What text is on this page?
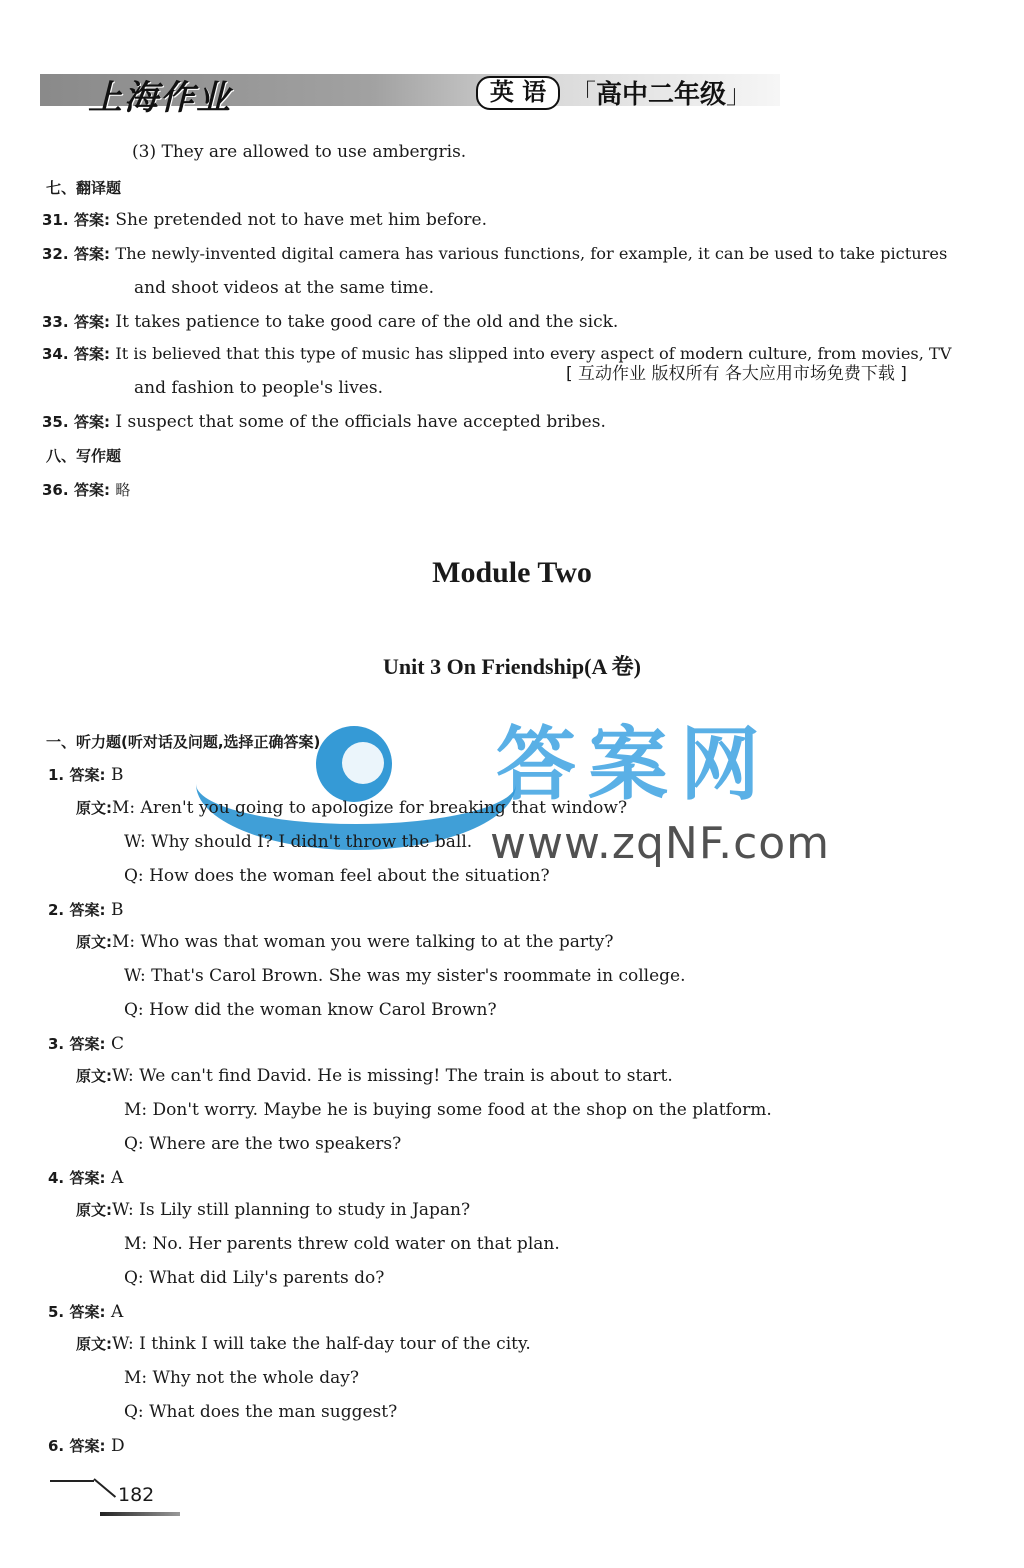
上海作业	英 语 「高中二年级」
(3) They are allowed to use ambergris.
七、翻译题
31. 答案: She pretended not to have met him before.
32. 答案: The newly-invented digital camera has various functions, for example, it can be used to take pictures
and shoot videos at the same time.
33. 答案: It takes patience to take good care of the old and the sick.
34. 答案: It is believed that this type of music has slipped into every aspect of modern culture, from movies, TV
and fashion to people's lives.
[ 互动作业 版权所有 各大应用市场免费下载 ]
35. 答案: I suspect that some of the officials have accepted bribes.
八、写作题
36. 答案: 略
Module Two
Unit 3 On Friendship(A 卷)
答案网
www.zqNF.com
一、听力题(听对话及问题,选择正确答案)
1. 答案: B
原文:M: Aren't you going to apologize for breaking that window?
W: Why should I? I didn't throw the ball.
Q: How does the woman feel about the situation?
2. 答案: B
原文:M: Who was that woman you were talking to at the party?
W: That's Carol Brown. She was my sister's roommate in college.
Q: How did the woman know Carol Brown?
3. 答案: C
原文:W: We can't find David. He is missing! The train is about to start.
M: Don't worry. Maybe he is buying some food at the shop on the platform.
Q: Where are the two speakers?
4. 答案: A
原文:W: Is Lily still planning to study in Japan?
M: No. Her parents threw cold water on that plan.
Q: What did Lily's parents do?
5. 答案: A
原文:W: I think I will take the half-day tour of the city.
M: Why not the whole day?
Q: What does the man suggest?
6. 答案: D
182
